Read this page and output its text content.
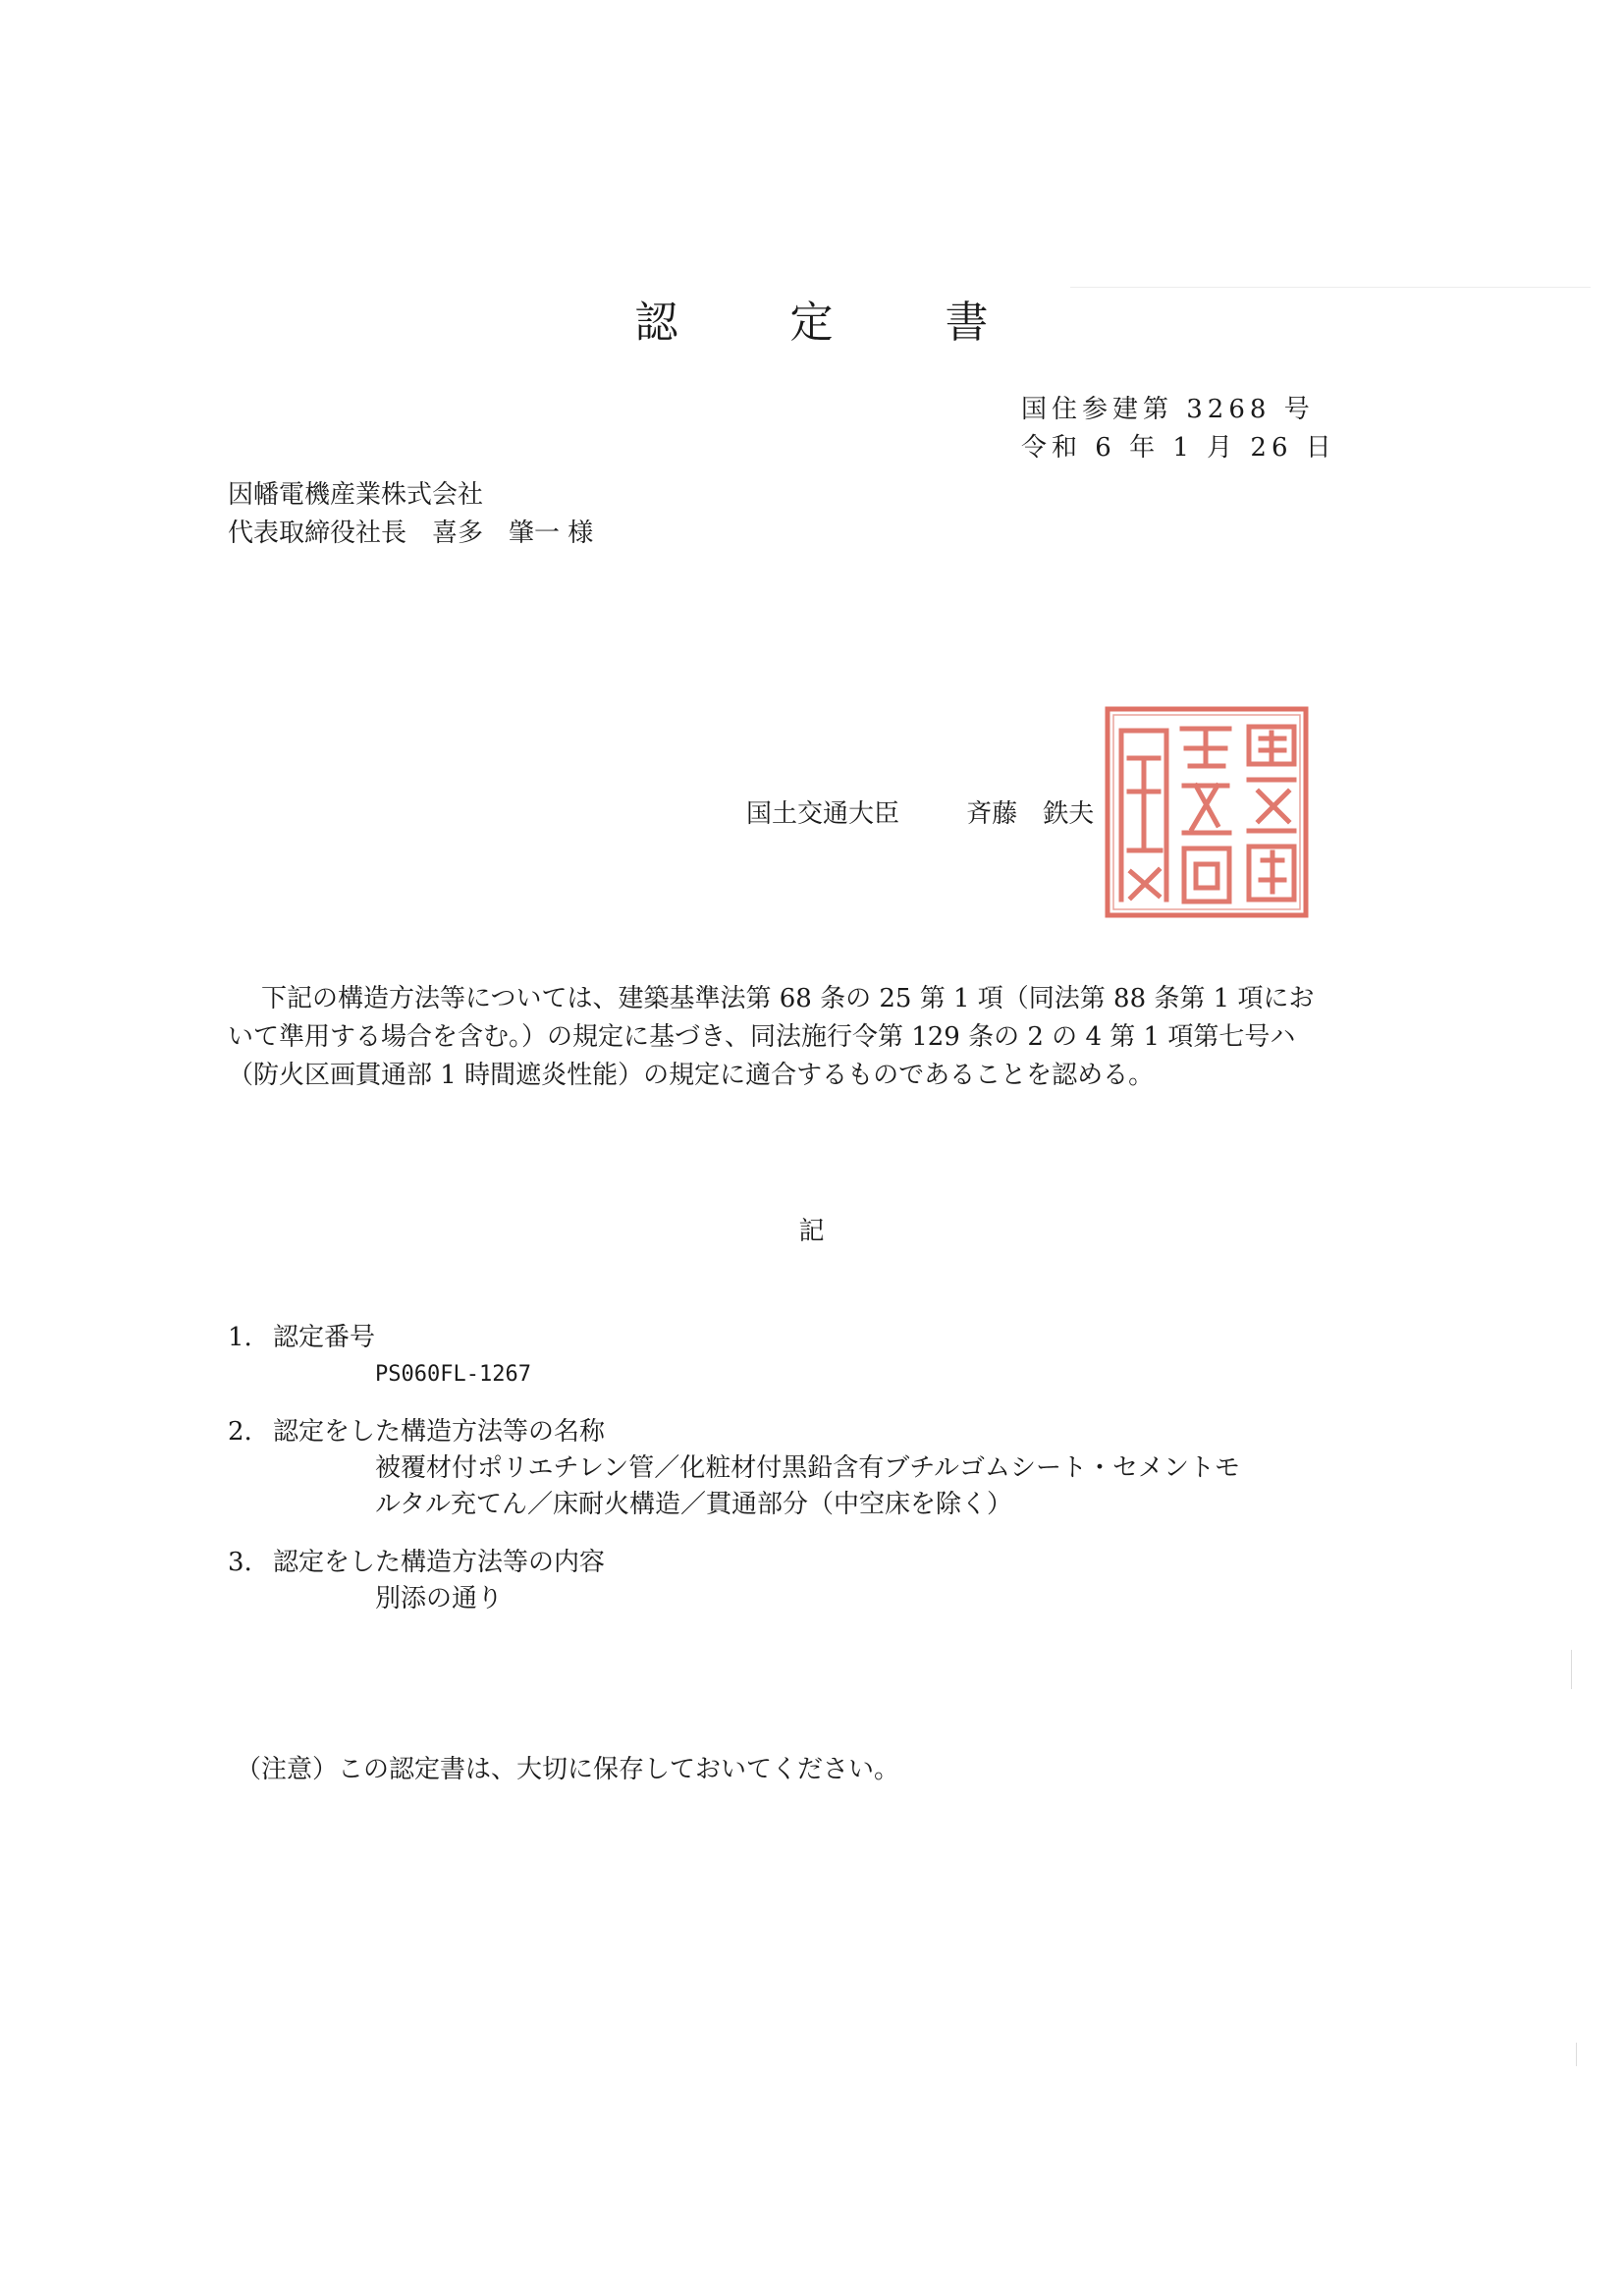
認 定 書
国住参建第 3268 号
令和 6 年 1 月 26 日
因幡電機産業株式会社
代表取締役社長　喜多　肇一 様
国土交通大臣	斉藤　鉄夫
下記の構造方法等については、建築基準法第 68 条の 25 第 1 項（同法第 88 条第 1 項にお
いて準用する場合を含む。）の規定に基づき、同法施行令第 129 条の 2 の 4 第 1 項第七号ハ
（防火区画貫通部 1 時間遮炎性能）の規定に適合するものであることを認める。
記
1. 認定番号
PS060FL-1267
2. 認定をした構造方法等の名称
被覆材付ポリエチレン管／化粧材付黒鉛含有ブチルゴムシート・セメントモ
ルタル充てん／床耐火構造／貫通部分（中空床を除く）
3. 認定をした構造方法等の内容
別添の通り
（注意）この認定書は、大切に保存しておいてください。
